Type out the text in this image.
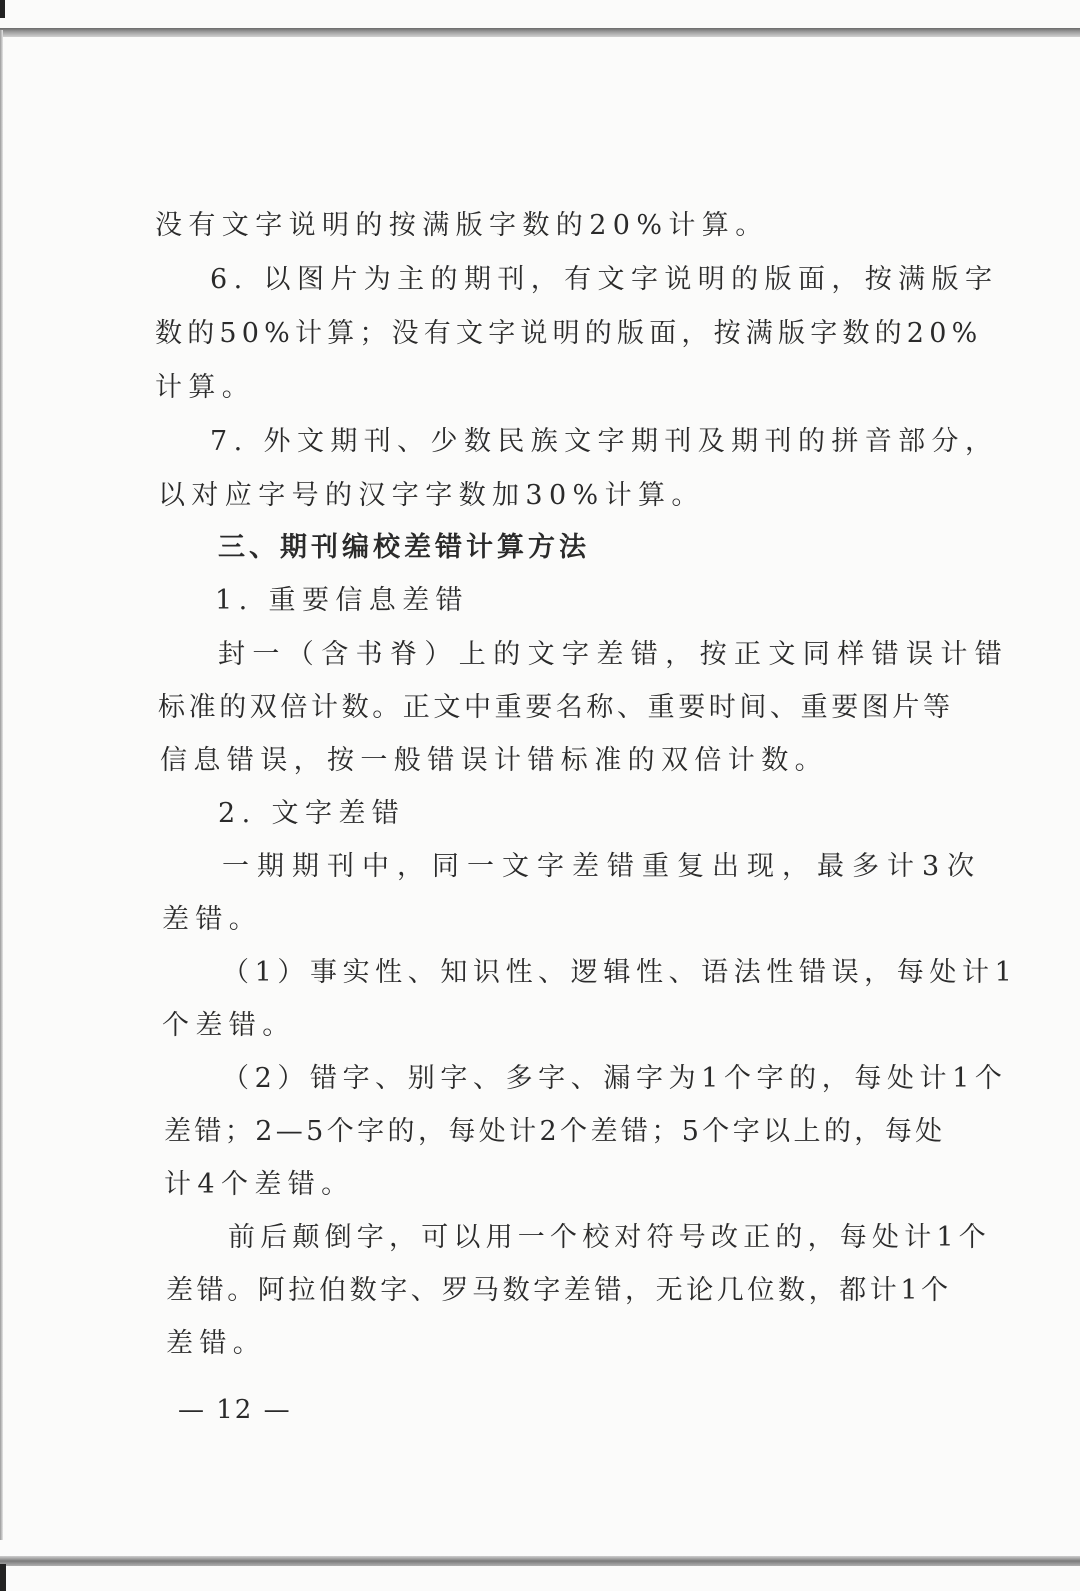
没有文字说明的按满版字数的20%计算。
6. 以图片为主的期刊，有文字说明的版面，按满版字
数的50%计算；没有文字说明的版面，按满版字数的20%
计算。
7. 外文期刊、少数民族文字期刊及期刊的拼音部分，
以对应字号的汉字字数加30%计算。
三、期刊编校差错计算方法
1. 重要信息差错
封一（含书脊）上的文字差错，按正文同样错误计错
标准的双倍计数。正文中重要名称、重要时间、重要图片等
信息错误，按一般错误计错标准的双倍计数。
2. 文字差错
一期期刊中，同一文字差错重复出现，最多计3次
差错。
（1）事实性、知识性、逻辑性、语法性错误，每处计1
个差错。
（2）错字、别字、多字、漏字为1个字的，每处计1个
差错；2—5个字的，每处计2个差错；5个字以上的，每处
计4个差错。
前后颠倒字，可以用一个校对符号改正的，每处计1个
差错。阿拉伯数字、罗马数字差错，无论几位数，都计1个
差错。
— 12 —
